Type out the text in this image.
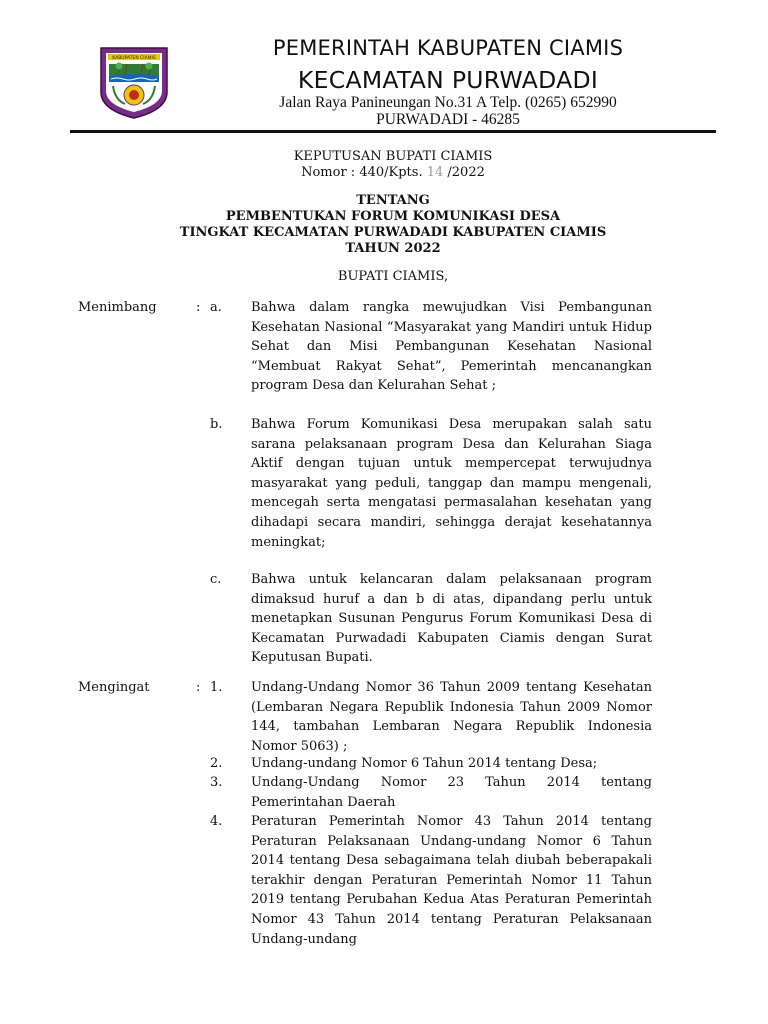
KABUPATEN CIAMIS	PEMERINTAH KABUPATEN CIAMIS
KECAMATAN PURWADADI
Jalan Raya Panineungan No.31 A Telp. (0265) 652990
PURWADADI - 46285
KEPUTUSAN BUPATI CIAMIS
Nomor : 440/Kpts. 14 /2022
TENTANG
PEMBENTUKAN FORUM KOMUNIKASI DESA
TINGKAT KECAMATAN PURWADADI KABUPATEN CIAMIS
TAHUN 2022
BUPATI CIAMIS,
Menimbang	: a. Bahwa dalam rangka mewujudkan Visi Pembangunan Kesehatan Nasional “Masyarakat yang Mandiri untuk Hidup Sehat dan Misi Pembangunan Kesehatan Nasional “Membuat Rakyat Sehat”, Pemerintah mencanangkan program Desa dan Kelurahan Sehat ;
b. Bahwa Forum Komunikasi Desa merupakan salah satu sarana pelaksanaan program Desa dan Kelurahan Siaga Aktif dengan tujuan untuk mempercepat terwujudnya masyarakat yang peduli, tanggap dan mampu mengenali, mencegah serta mengatasi permasalahan kesehatan yang dihadapi secara mandiri, sehingga derajat kesehatannya meningkat;
c. Bahwa untuk kelancaran dalam pelaksanaan program dimaksud huruf a dan b di atas, dipandang perlu untuk menetapkan Susunan Pengurus Forum Komunikasi Desa di Kecamatan Purwadadi Kabupaten Ciamis dengan Surat Keputusan Bupati.
Mengingat	: 1. Undang-Undang Nomor 36 Tahun 2009 tentang Kesehatan (Lembaran Negara Republik Indonesia Tahun 2009 Nomor 144, tambahan Lembaran Negara Republik Indonesia Nomor 5063) ;
2. Undang-undang Nomor 6 Tahun 2014 tentang Desa;
3. Undang-Undang Nomor 23 Tahun 2014 tentang Pemerintahan Daerah
4. Peraturan Pemerintah Nomor 43 Tahun 2014 tentang Peraturan Pelaksanaan Undang-undang Nomor 6 Tahun 2014 tentang Desa sebagaimana telah diubah beberapakali terakhir dengan Peraturan Pemerintah Nomor 11 Tahun 2019 tentang Perubahan Kedua Atas Peraturan Pemerintah Nomor 43 Tahun 2014 tentang Peraturan Pelaksanaan Undang-undang
